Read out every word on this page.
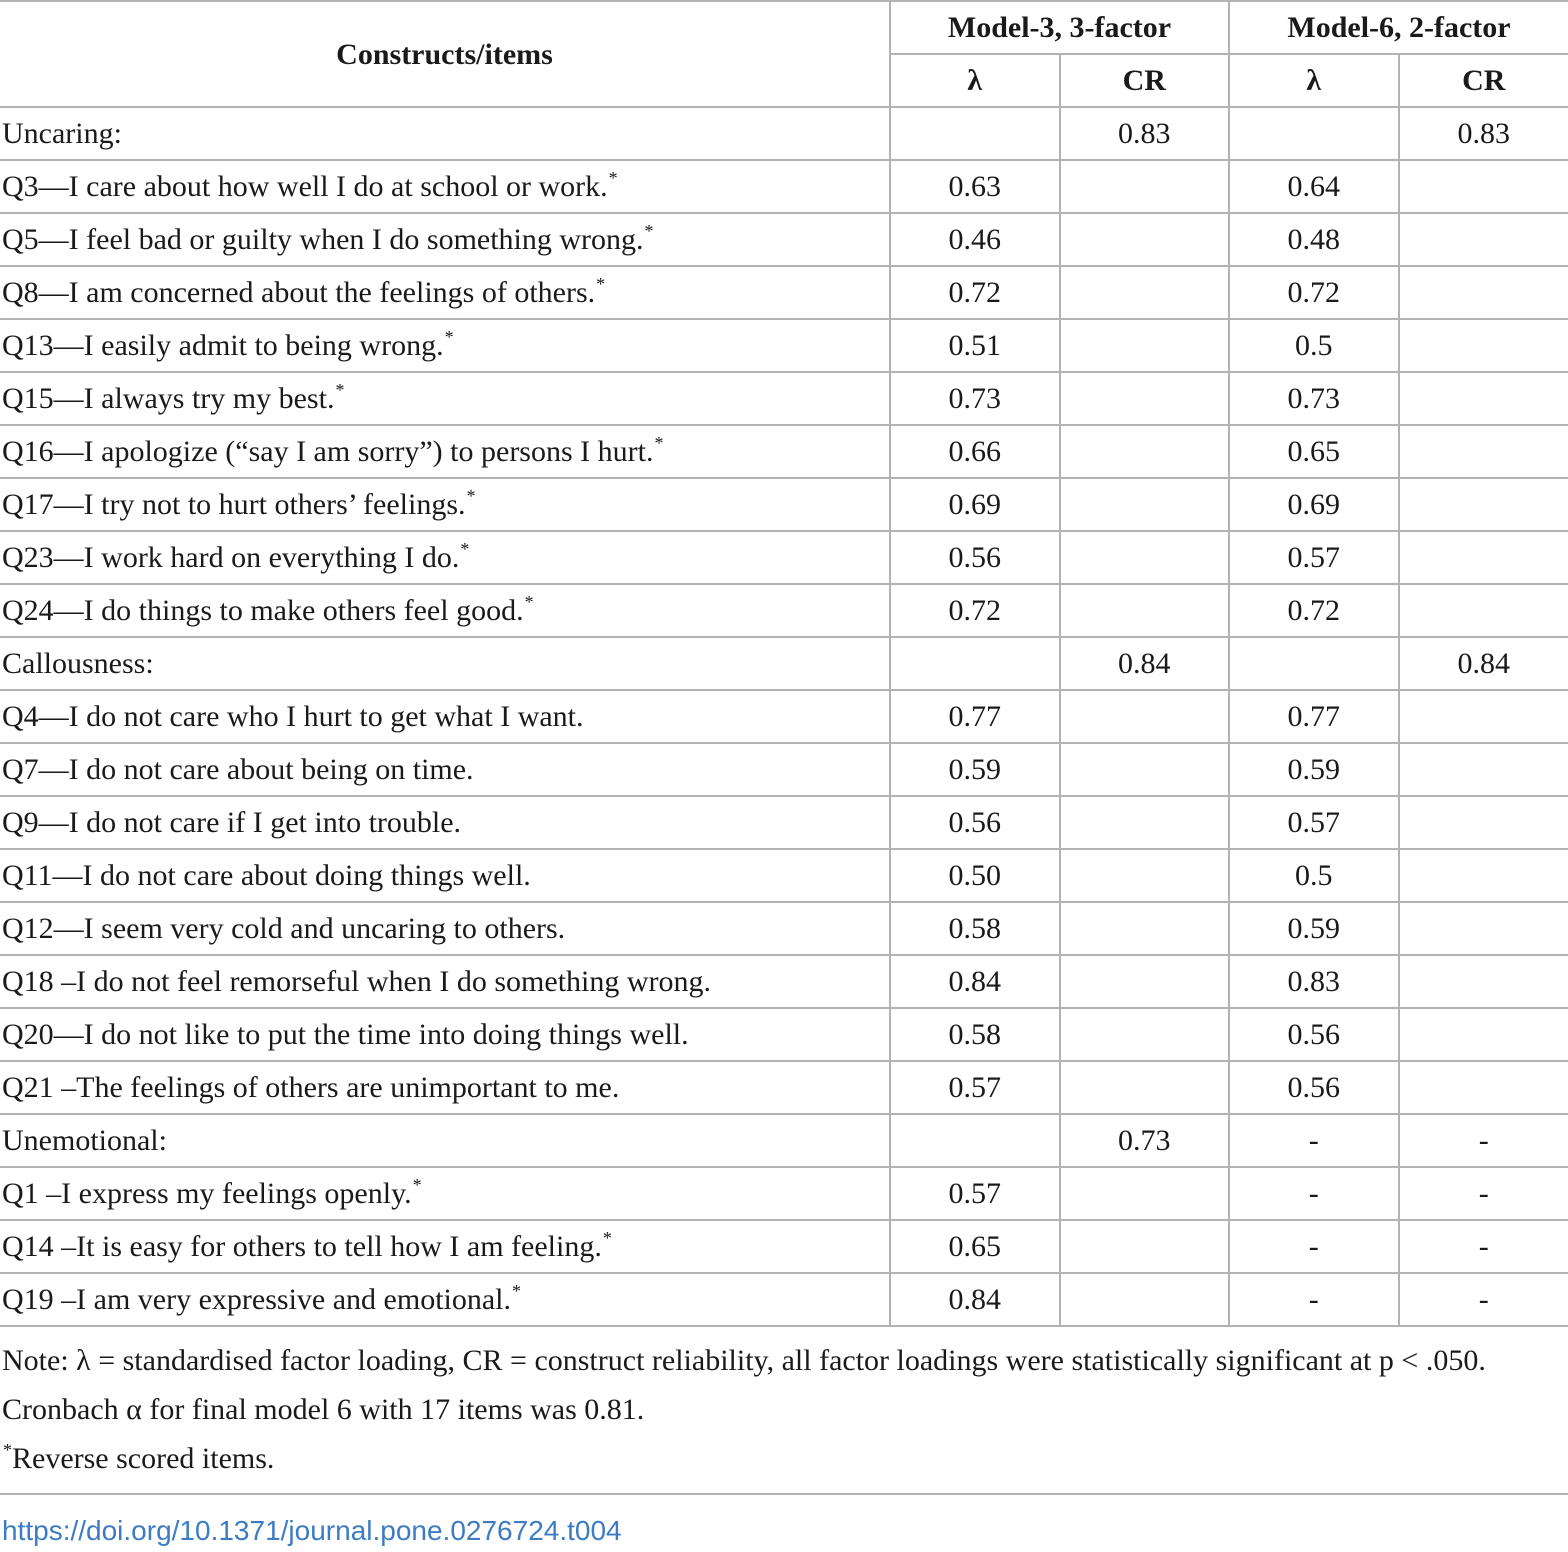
Constructs/items	Model-3, 3-factor		Model-6, 2-factor	
	λ	CR	λ	CR
Uncaring:		0.83		0.83
Q3—I care about how well I do at school or work.*	0.63		0.64	
Q5—I feel bad or guilty when I do something wrong.*	0.46		0.48	
Q8—I am concerned about the feelings of others.*	0.72		0.72	
Q13—I easily admit to being wrong.*	0.51		0.5	
Q15—I always try my best.*	0.73		0.73	
Q16—I apologize (“say I am sorry”) to persons I hurt.*	0.66		0.65	
Q17—I try not to hurt others’ feelings.*	0.69		0.69	
Q23—I work hard on everything I do.*	0.56		0.57	
Q24—I do things to make others feel good.*	0.72		0.72	
Callousness:		0.84		0.84
Q4—I do not care who I hurt to get what I want.	0.77		0.77	
Q7—I do not care about being on time.	0.59		0.59	
Q9—I do not care if I get into trouble.	0.56		0.57	
Q11—I do not care about doing things well.	0.50		0.5	
Q12—I seem very cold and uncaring to others.	0.58		0.59	
Q18 –I do not feel remorseful when I do something wrong.	0.84		0.83	
Q20—I do not like to put the time into doing things well.	0.58		0.56	
Q21 –The feelings of others are unimportant to me.	0.57		0.56	
Unemotional:		0.73	-	-
Q1 –I express my feelings openly.*	0.57		-	-
Q14 –It is easy for others to tell how I am feeling.*	0.65		-	-
Q19 –I am very expressive and emotional.*	0.84		-	-

Note: λ = standardised factor loading, CR = construct reliability, all factor loadings were statistically significant at p < .050. Cronbach α for final model 6 with 17 items was 0.81.

*Reverse scored items.

https://doi.org/10.1371/journal.pone.0276724.t004
